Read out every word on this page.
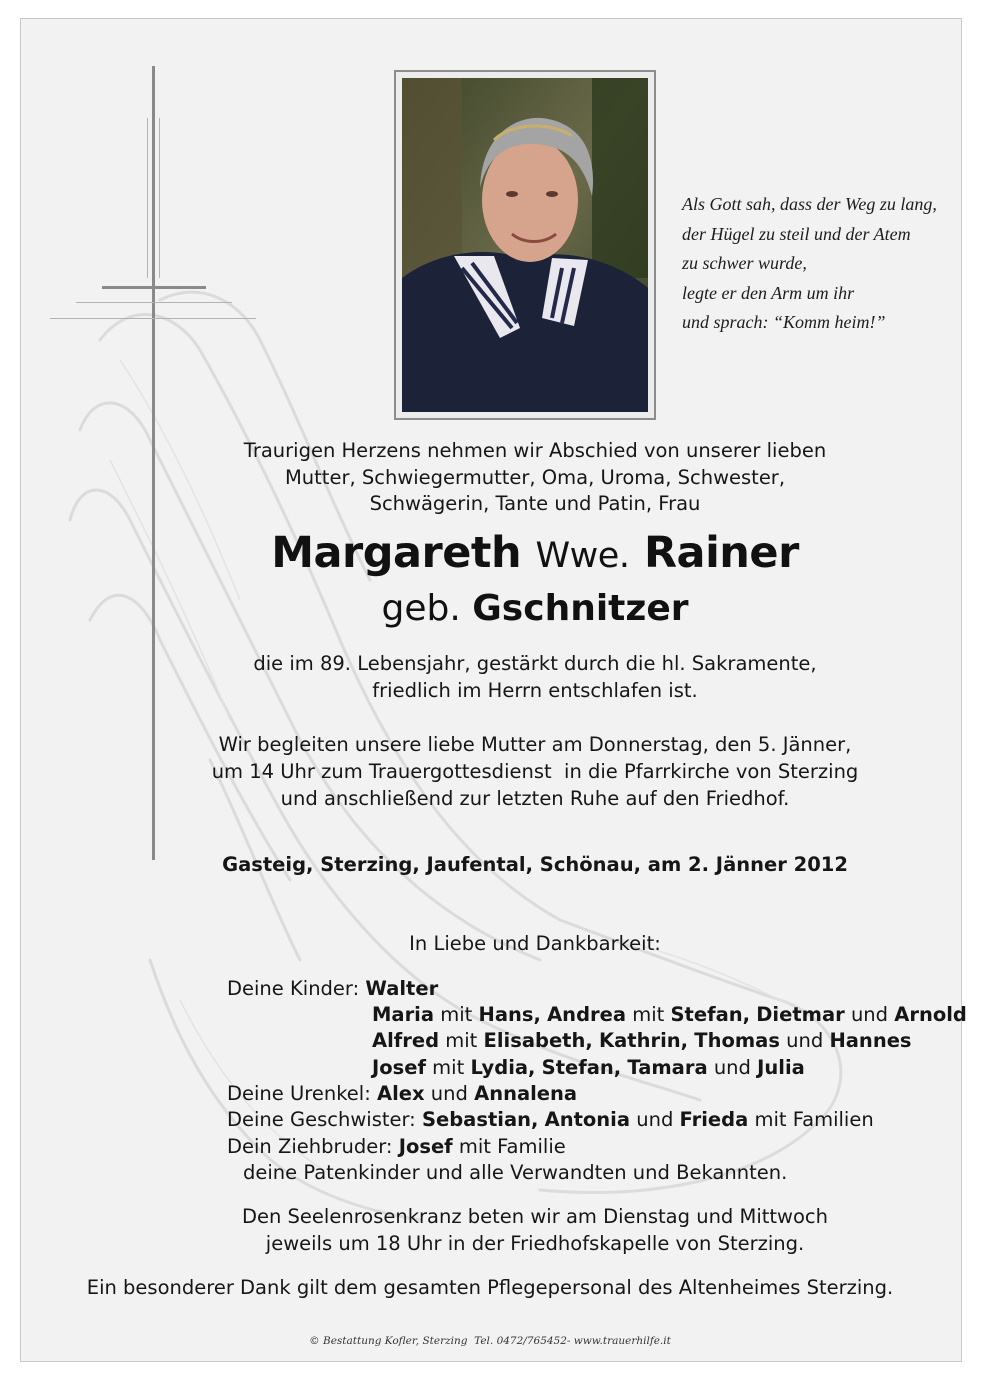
Als Gott sah, dass der Weg zu lang,
der Hügel zu steil und der Atem
zu schwer wurde,
legte er den Arm um ihr
und sprach: “Komm heim!”
Traurigen Herzens nehmen wir Abschied von unserer lieben
Mutter, Schwiegermutter, Oma, Uroma, Schwester,
Schwägerin, Tante und Patin, Frau
Margareth Wwe. Rainer
geb. Gschnitzer
die im 89. Lebensjahr, gestärkt durch die hl. Sakramente,
friedlich im Herrn entschlafen ist.
Wir begleiten unsere liebe Mutter am Donnerstag, den 5. Jänner,
um 14 Uhr zum Trauergottesdienst  in die Pfarrkirche von Sterzing
und anschließend zur letzten Ruhe auf den Friedhof.
Gasteig, Sterzing, Jaufental, Schönau, am 2. Jänner 2012
In Liebe und Dankbarkeit:
Deine Kinder: Walter
Maria mit Hans, Andrea mit Stefan, Dietmar und Arnold
Alfred mit Elisabeth, Kathrin, Thomas und Hannes
Josef mit Lydia, Stefan, Tamara und Julia
Deine Urenkel: Alex und Annalena
Deine Geschwister: Sebastian, Antonia und Frieda mit Familien
Dein Ziehbruder: Josef mit Familie
deine Patenkinder und alle Verwandten und Bekannten.
Den Seelenrosenkranz beten wir am Dienstag und Mittwoch
jeweils um 18 Uhr in der Friedhofskapelle von Sterzing.
Ein besonderer Dank gilt dem gesamten Pflegepersonal des Altenheimes Sterzing.
© Bestattung Kofler, Sterzing  Tel. 0472/765452- www.trauerhilfe.it
